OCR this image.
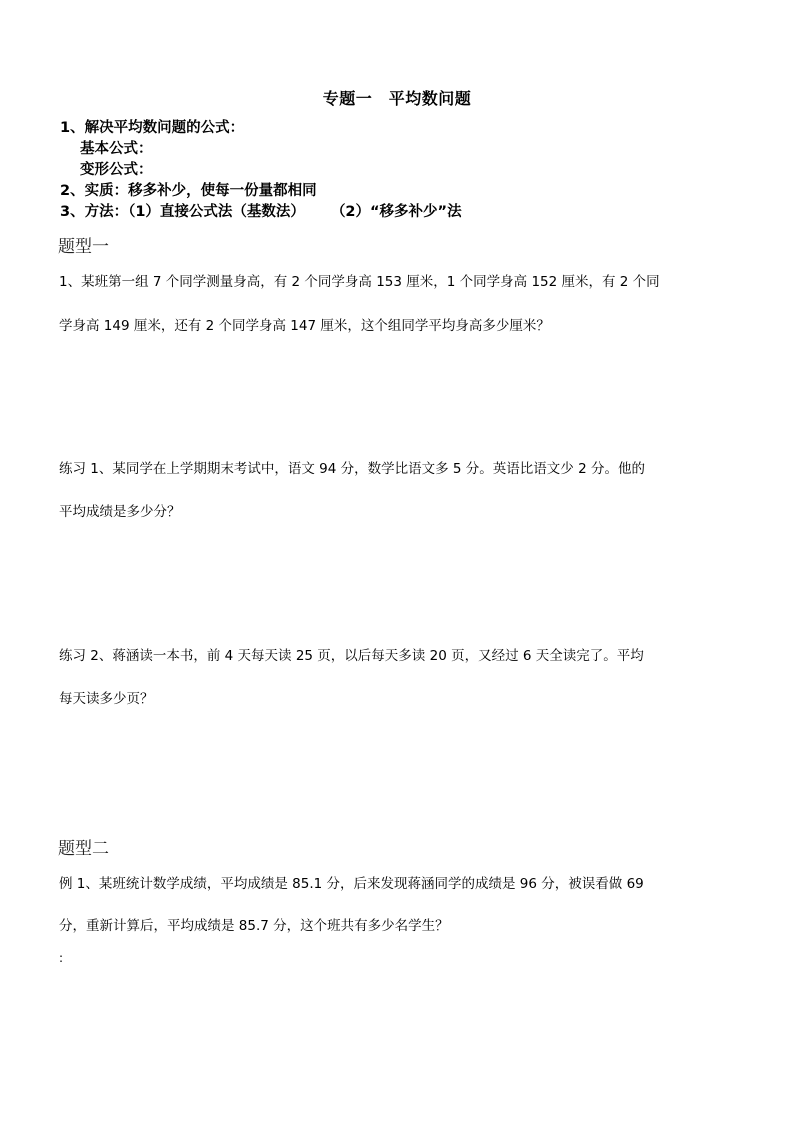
专题一　平均数问题
1、解决平均数问题的公式：
基本公式：
变形公式：
2、实质：移多补少，使每一份量都相同
3、方法：（1）直接公式法（基数法） （2）“移多补少”法
题型一
1、某班第一组 7 个同学测量身高，有 2 个同学身高 153 厘米，1 个同学身高 152 厘米，有 2 个同
学身高 149 厘米，还有 2 个同学身高 147 厘米，这个组同学平均身高多少厘米？
练习 1、某同学在上学期期末考试中，语文 94 分，数学比语文多 5 分。英语比语文少 2 分。他的
平均成绩是多少分？
练习 2、蒋涵读一本书，前 4 天每天读 25 页，以后每天多读 20 页，又经过 6 天全读完了。平均
每天读多少页？
题型二
例 1、某班统计数学成绩，平均成绩是 85.1 分，后来发现蒋涵同学的成绩是 96 分，被误看做 69
分，重新计算后，平均成绩是 85.7 分，这个班共有多少名学生？
:
